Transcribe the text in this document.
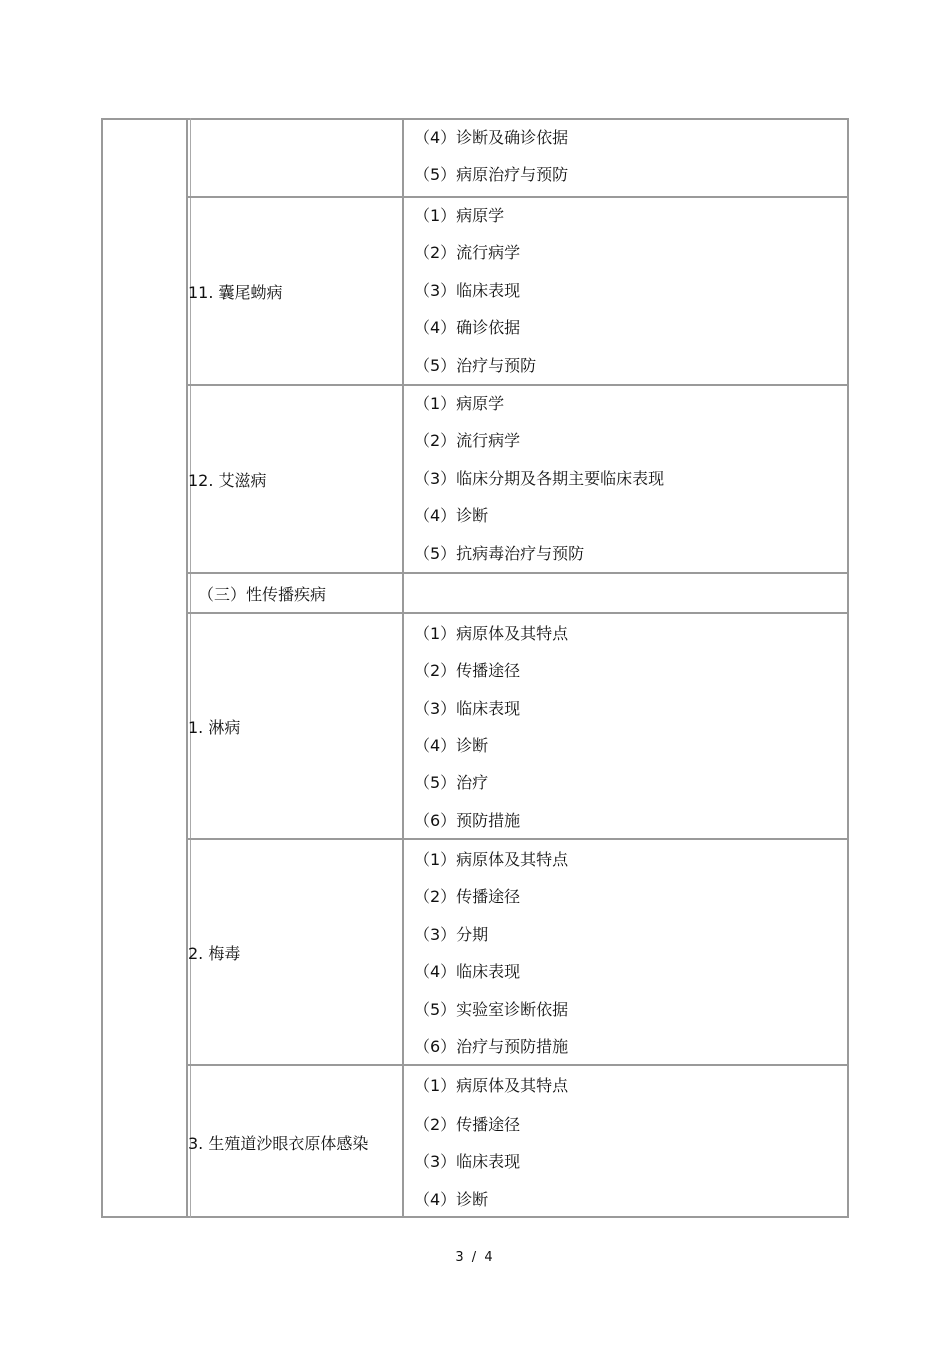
（4）诊断及确诊依据
（5）病原治疗与预防
11. 囊尾蚴病
（1）病原学
（2）流行病学
（3）临床表现
（4）确诊依据
（5）治疗与预防
12. 艾滋病
（1）病原学
（2）流行病学
（3）临床分期及各期主要临床表现
（4）诊断
（5）抗病毒治疗与预防
（三）性传播疾病
1. 淋病
（1）病原体及其特点
（2）传播途径
（3）临床表现
（4）诊断
（5）治疗
（6）预防措施
2. 梅毒
（1）病原体及其特点
（2）传播途径
（3）分期
（4）临床表现
（5）实验室诊断依据
（6）治疗与预防措施
3. 生殖道沙眼衣原体感染
（1）病原体及其特点
（2）传播途径
（3）临床表现
（4）诊断
3 / 4
